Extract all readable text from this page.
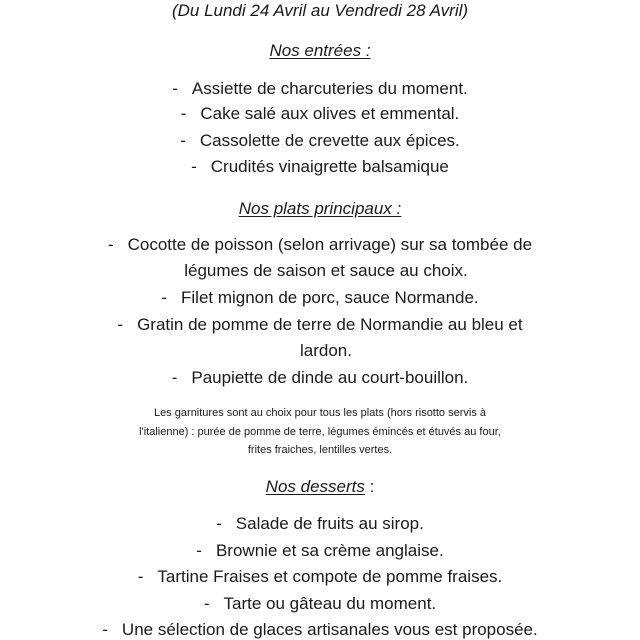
(Du Lundi 24 Avril au Vendredi 28 Avril)
Nos entrées :
- Assiette de charcuteries du moment.
- Cake salé aux olives et emmental.
- Cassolette de crevette aux épices.
- Crudités vinaigrette balsamique
Nos plats principaux :
- Cocotte de poisson (selon arrivage) sur sa tombée de
légumes de saison et sauce au choix.
- Filet mignon de porc, sauce Normande.
- Gratin de pomme de terre de Normandie au bleu et
lardon.
- Paupiette de dinde au court-bouillon.
Les garnitures sont au choix pour tous les plats (hors risotto servis à
l'italienne) : purée de pomme de terre, légumes émincés et étuvés au four,
frites fraiches, lentilles vertes.
Nos desserts :
- Salade de fruits au sirop.
- Brownie et sa crème anglaise.
- Tartine Fraises et compote de pomme fraises.
- Tarte ou gâteau du moment.
- Une sélection de glaces artisanales vous est proposée.
